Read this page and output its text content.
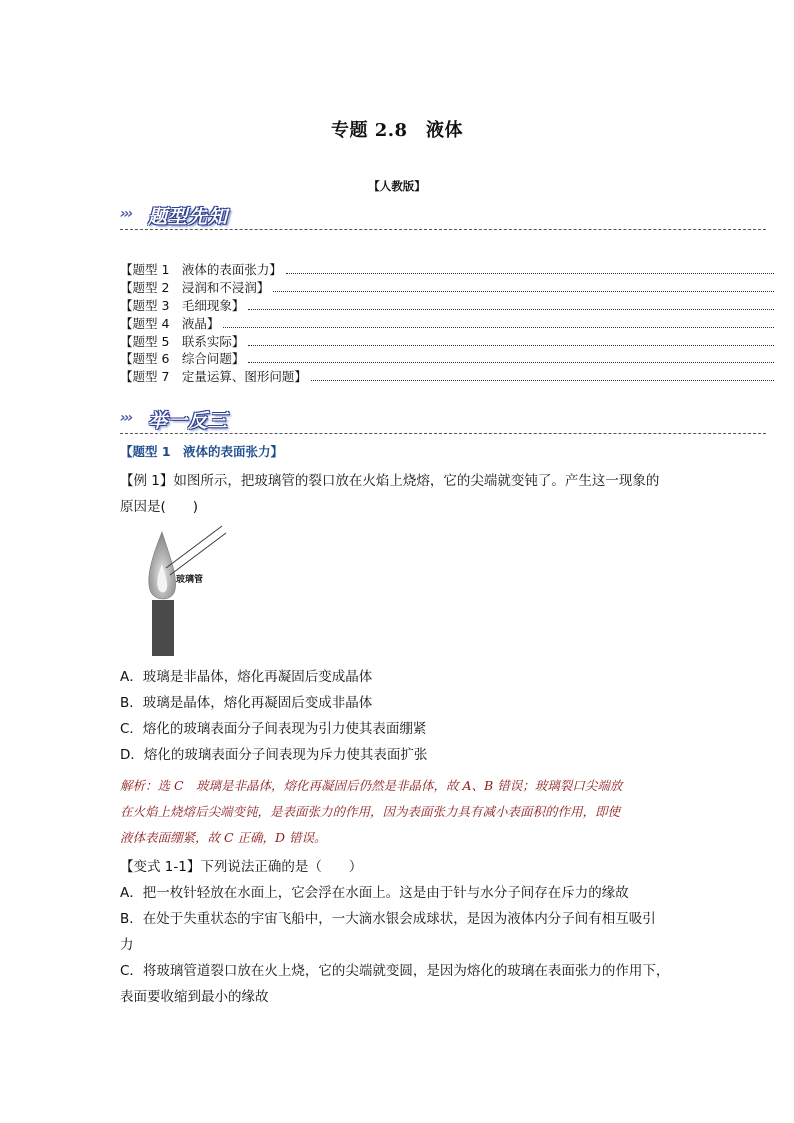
专题 2.8　液体
【人教版】
››› 题型先知
【题型 1　液体的表面张力】
【题型 2　浸润和不浸润】
【题型 3　毛细现象】
【题型 4　液晶】
【题型 5　联系实际】
【题型 6　综合问题】
【题型 7　定量运算、图形问题】
››› 举一反三
【题型 1　液体的表面张力】
【例 1】如图所示，把玻璃管的裂口放在火焰上烧熔，它的尖端就变钝了。产生这一现象的
原因是(　　)
玻璃管
A．玻璃是非晶体，熔化再凝固后变成晶体
B．玻璃是晶体，熔化再凝固后变成非晶体
C．熔化的玻璃表面分子间表现为引力使其表面绷紧
D．熔化的玻璃表面分子间表现为斥力使其表面扩张
解析：选 C　玻璃是非晶体，熔化再凝固后仍然是非晶体，故 A、B 错误；玻璃裂口尖端放
在火焰上烧熔后尖端变钝，是表面张力的作用，因为表面张力具有减小表面积的作用，即使
液体表面绷紧，故 C 正确，D 错误。
【变式 1-1】下列说法正确的是（　　）
A．把一枚针轻放在水面上，它会浮在水面上。这是由于针与水分子间存在斥力的缘故
B．在处于失重状态的宇宙飞船中，一大滴水银会成球状，是因为液体内分子间有相互吸引
力
C．将玻璃管道裂口放在火上烧，它的尖端就变圆，是因为熔化的玻璃在表面张力的作用下，
表面要收缩到最小的缘故
